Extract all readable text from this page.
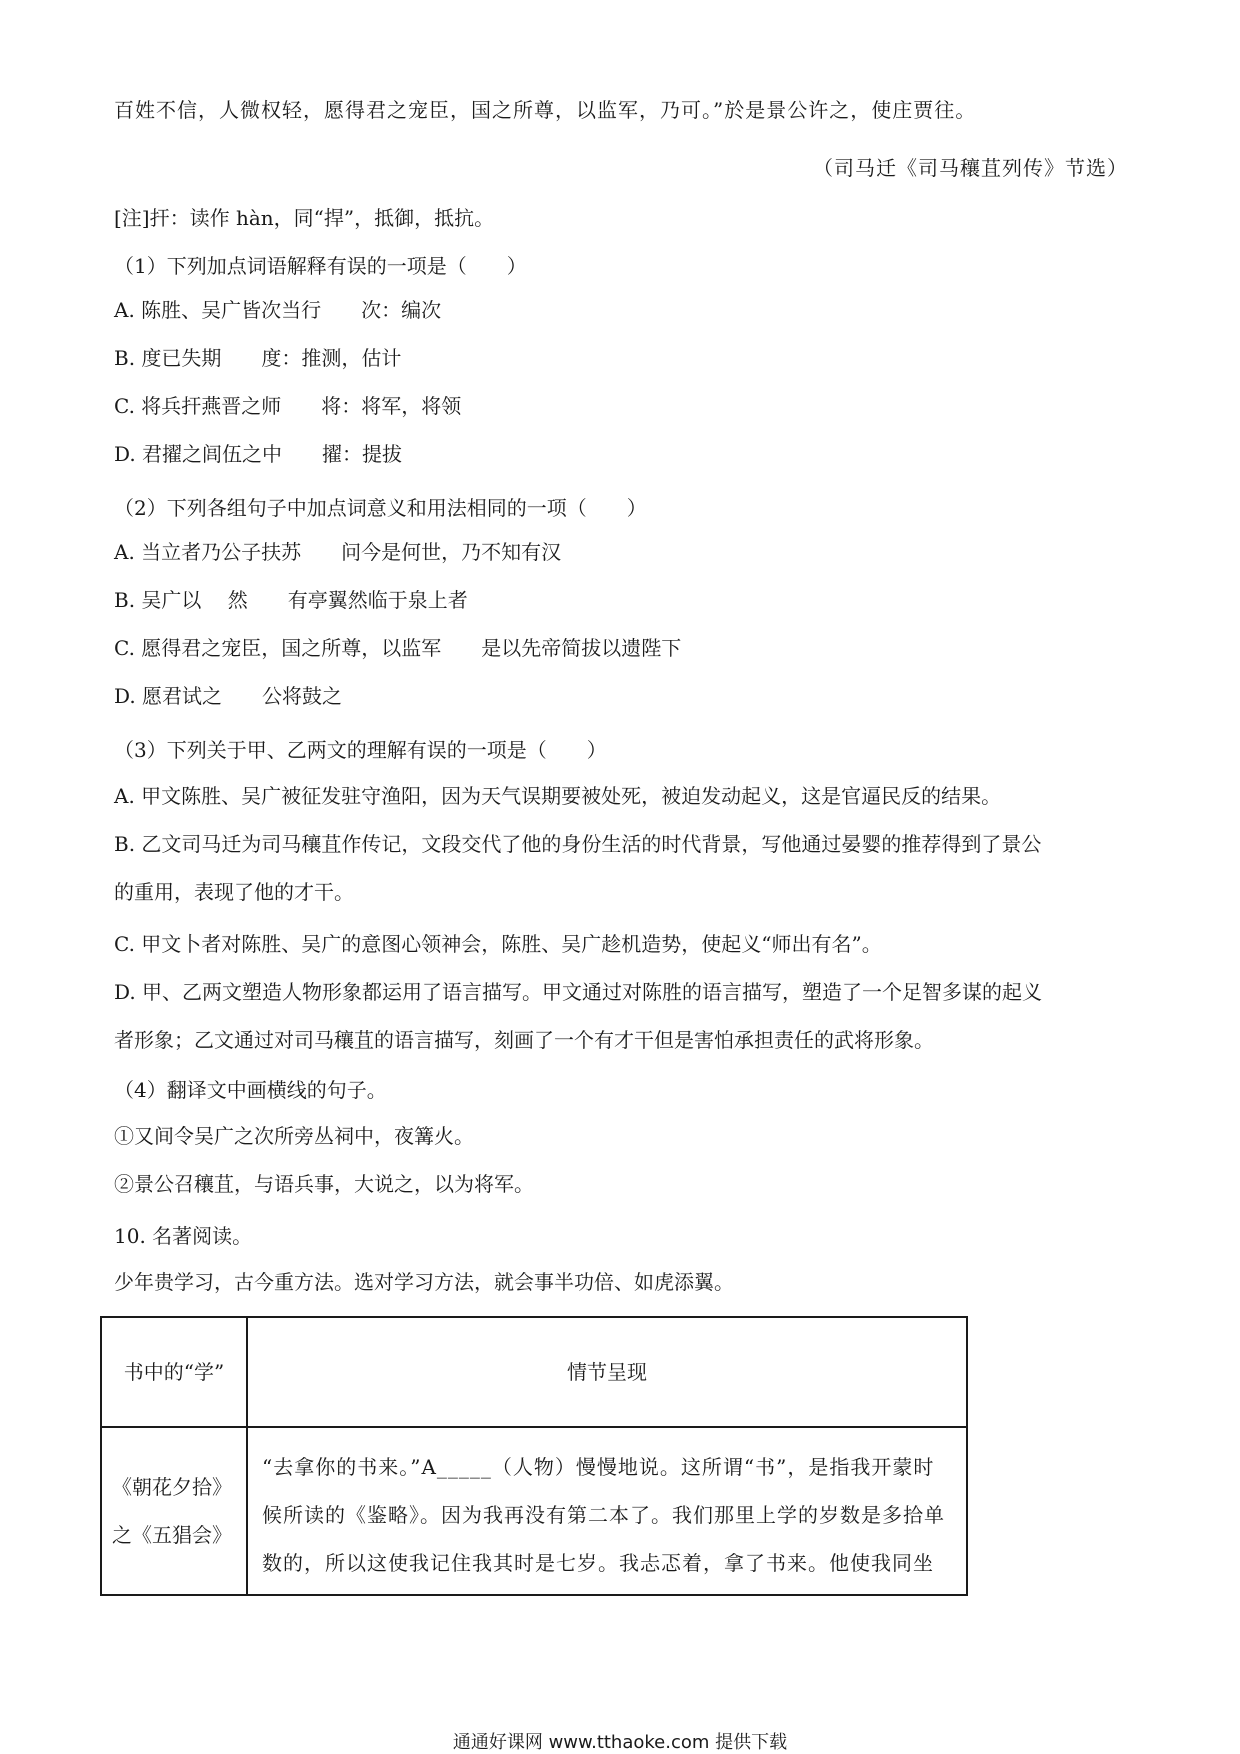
百姓不信，人微权轻，愿得君之宠臣，国之所尊，以监军，乃可。”於是景公许之，使庄贾往。
（司马迁《司马穰苴列传》节选）
[注]扞：读作 hàn，同“捍”，抵御，抵抗。
（1）下列加点词语解释有误的一项是（　　）
A. 陈胜、吴广皆次当行　　次：编次
B. 度已失期　　度：推测，估计
C. 将兵扞燕晋之师　　将：将军，将领
D. 君擢之闾伍之中　　擢：提拔
（2）下列各组句子中加点词意义和用法相同的一项（　　）
A. 当立者乃公子扶苏　　问今是何世，乃不知有汉
B. 吴广以　 然　　有亭翼然临于泉上者
C. 愿得君之宠臣，国之所尊，以监军　　是以先帝简拔以遗陛下
D. 愿君试之　　公将鼓之
（3）下列关于甲、乙两文的理解有误的一项是（　　）
A. 甲文陈胜、吴广被征发驻守渔阳，因为天气误期要被处死，被迫发动起义，这是官逼民反的结果。
B. 乙文司马迁为司马穰苴作传记，文段交代了他的身份生活的时代背景，写他通过晏婴的推荐得到了景公
的重用，表现了他的才干。
C. 甲文卜者对陈胜、吴广的意图心领神会，陈胜、吴广趁机造势，使起义“师出有名”。
D. 甲、乙两文塑造人物形象都运用了语言描写。甲文通过对陈胜的语言描写，塑造了一个足智多谋的起义
者形象；乙文通过对司马穰苴的语言描写，刻画了一个有才干但是害怕承担责任的武将形象。
（4）翻译文中画横线的句子。
①又间令吴广之次所旁丛祠中，夜篝火。
②景公召穰苴，与语兵事，大说之，以为将军。
10. 名著阅读。
少年贵学习，古今重方法。选对学习方法，就会事半功倍、如虎添翼。
书中的“学”	情节呈现
《朝花夕拾》之《五猖会》	“去拿你的书来。”A_____（人物）慢慢地说。这所谓“书”，是指我开蒙时候所读的《鉴略》。因为我再没有第二本了。我们那里上学的岁数是多拾单数的，所以这使我记住我其时是七岁。我忐忑着，拿了书来。他使我同坐
通通好课网 www.tthaoke.com 提供下载
